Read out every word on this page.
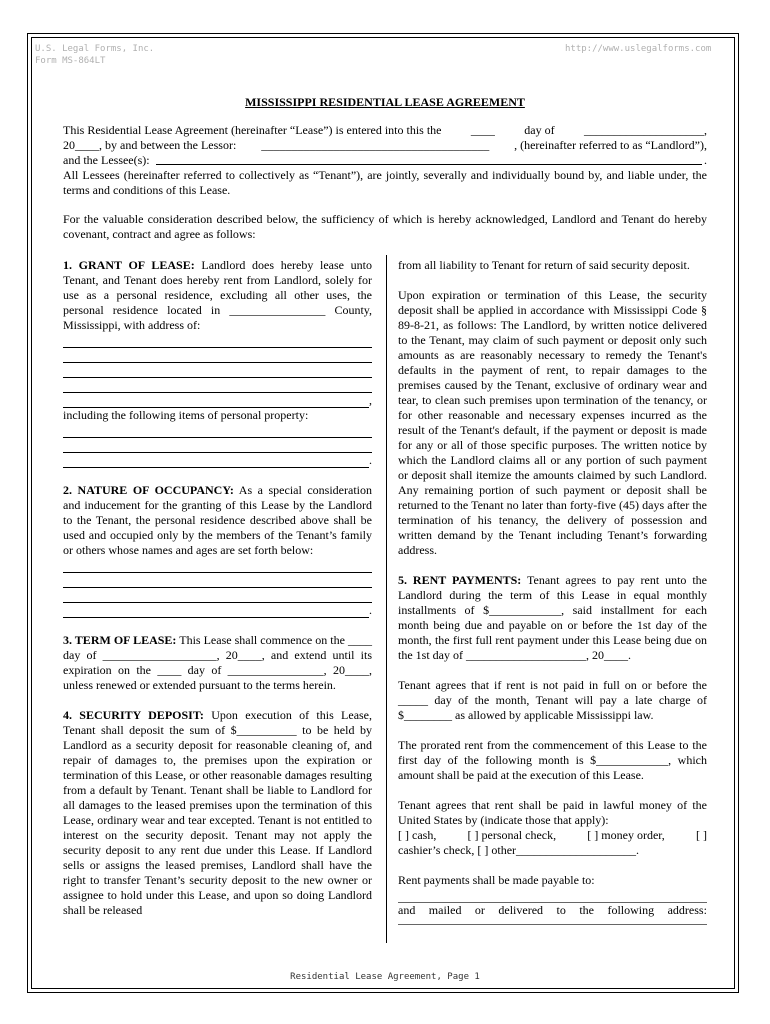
U.S. Legal Forms, Inc.
Form MS-864LT
http://www.uslegalforms.com
MISSISSIPPI RESIDENTIAL LEASE AGREEMENT
This Residential Lease Agreement (hereinafter “Lease”) is entered into this the ____ day of ____________________,
20____, by and between the Lessor: ______________________________________ , (hereinafter referred to as “Landlord”),
and the Lessee(s):	.
All Lessees (hereinafter referred to collectively as “Tenant”), are jointly, severally and individually bound by, and liable under, the terms and conditions of this Lease.
For the valuable consideration described below, the sufficiency of which is hereby acknowledged, Landlord and Tenant do hereby covenant, contract and agree as follows:

1. GRANT OF LEASE: Landlord does hereby lease unto Tenant, and Tenant does hereby rent from Landlord, solely for use as a personal residence, excluding all other uses, the personal residence located in ________________ County, Mississippi, with address of:

,

including the following items of personal property:

.

2. NATURE OF OCCUPANCY: As a special consideration and inducement for the granting of this Lease by the Landlord to the Tenant, the personal residence described above shall be used and occupied only by the members of the Tenant’s family or others whose names and ages are set forth below:

.

3. TERM OF LEASE: This Lease shall commence on the ____ day of ___________________, 20____, and extend until its expiration on the ____ day of ________________, 20____, unless renewed or extended pursuant to the terms herein.

4. SECURITY DEPOSIT: Upon execution of this Lease, Tenant shall deposit the sum of $__________ to be held by Landlord as a security deposit for reasonable cleaning of, and repair of damages to, the premises upon the expiration or termination of this Lease, or other reasonable damages resulting from a default by Tenant. Tenant shall be liable to Landlord for all damages to the leased premises upon the termination of this Lease, ordinary wear and tear excepted. Tenant is not entitled to interest on the security deposit. Tenant may not apply the security deposit to any rent due under this Lease. If Landlord sells or assigns the leased premises, Landlord shall have the right to transfer Tenant’s security deposit to the new owner or assignee to hold under this Lease, and upon so doing Landlord shall be released

from all liability to Tenant for return of said security deposit.

Upon expiration or termination of this Lease, the security deposit shall be applied in accordance with Mississippi Code § 89-8-21, as follows: The Landlord, by written notice delivered to the Tenant, may claim of such payment or deposit only such amounts as are reasonably necessary to remedy the Tenant's defaults in the payment of rent, to repair damages to the premises caused by the Tenant, exclusive of ordinary wear and tear, to clean such premises upon termination of the tenancy, or for other reasonable and necessary expenses incurred as the result of the Tenant's default, if the payment or deposit is made for any or all of those specific purposes. The written notice by which the Landlord claims all or any portion of such payment or deposit shall itemize the amounts claimed by such Landlord. Any remaining portion of such payment or deposit shall be returned to the Tenant no later than forty-five (45) days after the termination of his tenancy, the delivery of possession and written demand by the Tenant including Tenant’s forwarding address.

5. RENT PAYMENTS: Tenant agrees to pay rent unto the Landlord during the term of this Lease in equal monthly installments of $____________, said installment for each month being due and payable on or before the 1st day of the month, the first full rent payment under this Lease being due on the 1st day of ____________________, 20____.

Tenant agrees that if rent is not paid in full on or before the _____ day of the month, Tenant will pay a late charge of $________ as allowed by applicable Mississippi law.

The prorated rent from the commencement of this Lease to the first day of the following month is $____________, which amount shall be paid at the execution of this Lease.

Tenant agrees that rent shall be paid in lawful money of the United States by (indicate those that apply):

[ ] cash,	[ ] personal check,	[ ] money order,	[ ]

cashier’s check, [ ] other____________________.

Rent payments shall be made payable to:

and mailed or delivered to the following address:
Residential Lease Agreement, Page 1
